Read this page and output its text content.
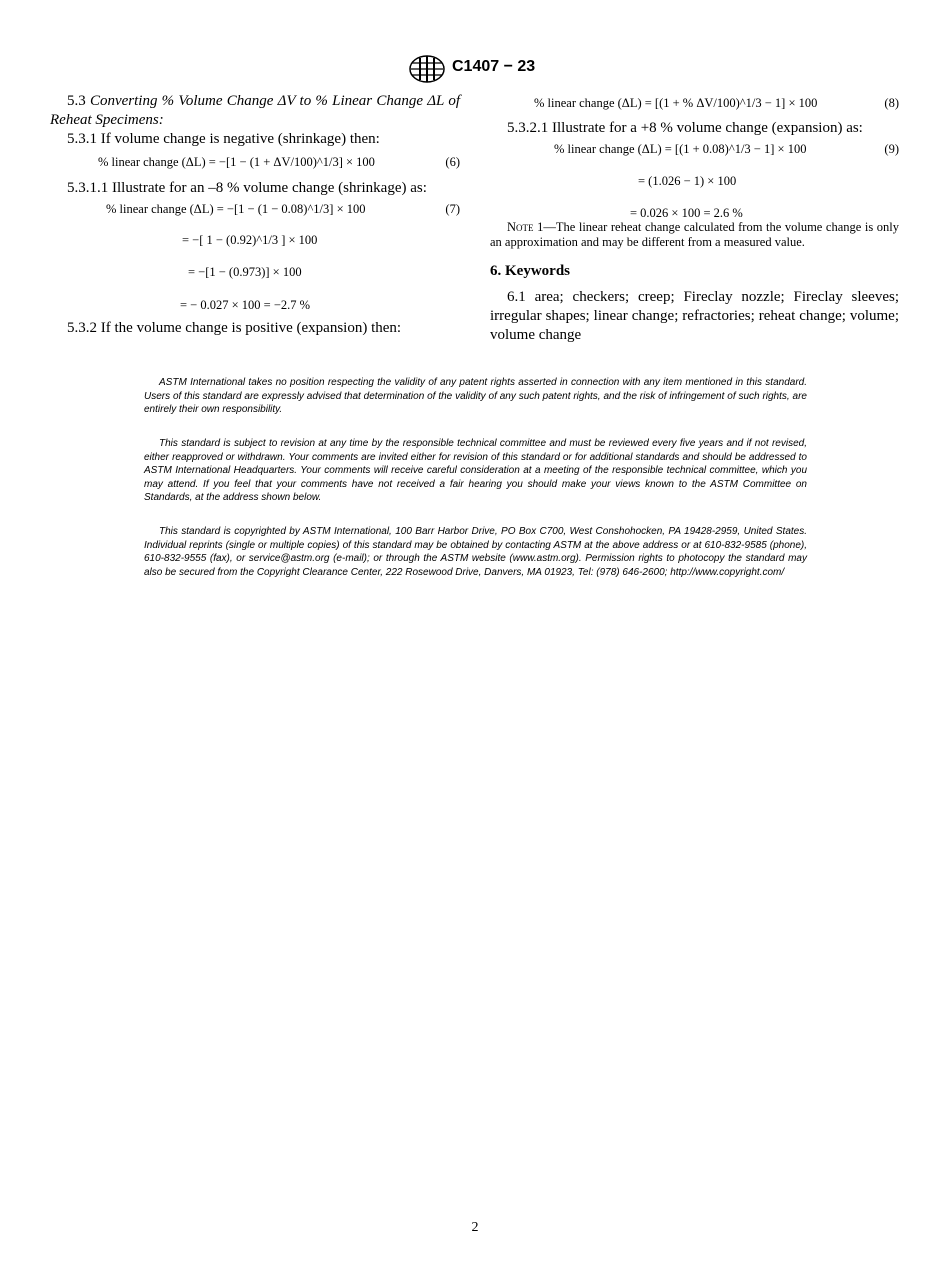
C1407 − 23

5.3 Converting % Volume Change ΔV to % Linear Change ΔL of Reheat Specimens:

5.3.1 If volume change is negative (shrinkage) then:

% linear change (ΔL) = −[1 − (1 + ΔV/100)^1/3] × 100	(6)

5.3.1.1 Illustrate for an –8 % volume change (shrinkage) as:

% linear change (ΔL) = −[1 − (1 − 0.08)^1/3] × 100	(7)
= −[ 1 − (0.92)^1/3 ] × 100
= −[1 − (0.973)] × 100
= − 0.027 × 100 = −2.7 %

5.3.2 If the volume change is positive (expansion) then:

% linear change (ΔL) = [(1 + % ΔV/100)^1/3 − 1] × 100	(8)

5.3.2.1 Illustrate for a +8 % volume change (expansion) as:

% linear change (ΔL) = [(1 + 0.08)^1/3 − 1] × 100	(9)
= (1.026 − 1) × 100
= 0.026 × 100 = 2.6 %

Note 1—The linear reheat change calculated from the volume change is only an approximation and may be different from a measured value.

6. Keywords

6.1 area; checkers; creep; Fireclay nozzle; Fireclay sleeves; irregular shapes; linear change; refractories; reheat change; volume; volume change

ASTM International takes no position respecting the validity of any patent rights asserted in connection with any item mentioned in this standard. Users of this standard are expressly advised that determination of the validity of any such patent rights, and the risk of infringement of such rights, are entirely their own responsibility.

This standard is subject to revision at any time by the responsible technical committee and must be reviewed every five years and if not revised, either reapproved or withdrawn. Your comments are invited either for revision of this standard or for additional standards and should be addressed to ASTM International Headquarters. Your comments will receive careful consideration at a meeting of the responsible technical committee, which you may attend. If you feel that your comments have not received a fair hearing you should make your views known to the ASTM Committee on Standards, at the address shown below.

This standard is copyrighted by ASTM International, 100 Barr Harbor Drive, PO Box C700, West Conshohocken, PA 19428-2959, United States. Individual reprints (single or multiple copies) of this standard may be obtained by contacting ASTM at the above address or at 610-832-9585 (phone), 610-832-9555 (fax), or service@astm.org (e-mail); or through the ASTM website (www.astm.org). Permission rights to photocopy the standard may also be secured from the Copyright Clearance Center, 222 Rosewood Drive, Danvers, MA 01923, Tel: (978) 646-2600; http://www.copyright.com/

2
